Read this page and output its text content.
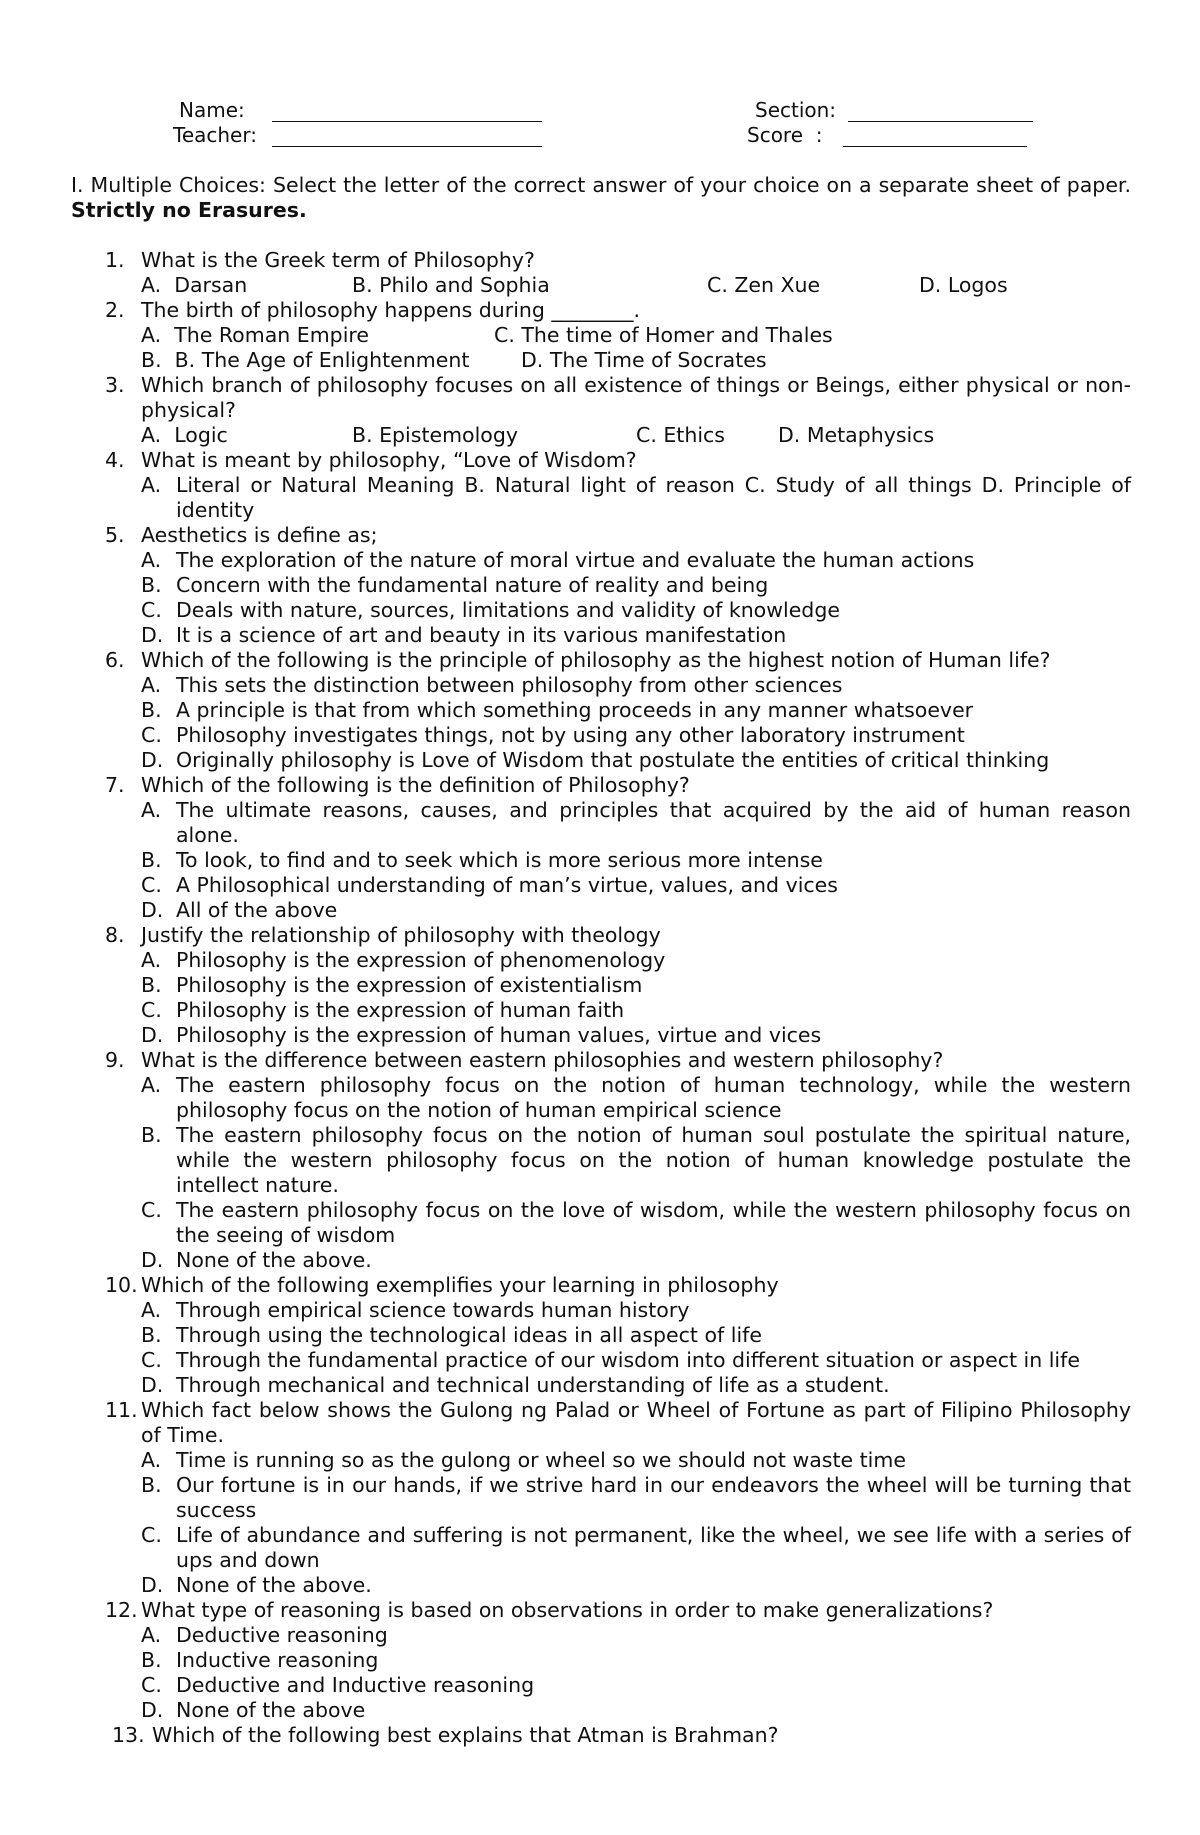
Name:	Section:
Teacher:	Score  :
I. Multiple Choices: Select the letter of the correct answer of your choice on a separate sheet of paper. Strictly no Erasures.
1. What is the Greek term of Philosophy?
A.  Darsan	B. Philo and Sophia	C. Zen Xue	D. Logos
2. The birth of philosophy happens during ________.
A.  The Roman Empire	C. The time of Homer and Thales
B.  B. The Age of Enlightenment	D. The Time of Socrates
3. Which branch of philosophy focuses on all existence of things or Beings, either physical or non-physical?
A.  Logic	B. Epistemology	C. Ethics	D. Metaphysics
4. What is meant by philosophy, “Love of Wisdom?
A. Literal or Natural Meaning B. Natural light of reason C. Study of all things D. Principle of identity
5. Aesthetics is define as;
A. The exploration of the nature of moral virtue and evaluate the human actions
B. Concern with the fundamental nature of reality and being
C. Deals with nature, sources, limitations and validity of knowledge
D. It is a science of art and beauty in its various manifestation
6. Which of the following is the principle of philosophy as the highest notion of Human life?
A. This sets the distinction between philosophy from other sciences
B. A principle is that from which something proceeds in any manner whatsoever
C. Philosophy investigates things, not by using any other laboratory instrument
D. Originally philosophy is Love of Wisdom that postulate the entities of critical thinking
7. Which of the following is the definition of Philosophy?
A. The ultimate reasons, causes, and principles that acquired by the aid of human reason alone.
B. To look, to find and to seek which is more serious more intense
C. A Philosophical understanding of man’s virtue, values, and vices
D. All of the above
8. Justify the relationship of philosophy with theology
A. Philosophy is the expression of phenomenology
B. Philosophy is the expression of existentialism
C. Philosophy is the expression of human faith
D. Philosophy is the expression of human values, virtue and vices
9. What is the difference between eastern philosophies and western philosophy?
A. The eastern philosophy focus on the notion of human technology, while the western philosophy focus on the notion of human empirical science
B. The eastern philosophy focus on the notion of human soul postulate the spiritual nature, while the western philosophy focus on the notion of human knowledge postulate the intellect nature.
C. The eastern philosophy focus on the love of wisdom, while the western philosophy focus on the seeing of wisdom
D. None of the above.
10. Which of the following exemplifies your learning in philosophy
A. Through empirical science towards human history
B. Through using the technological ideas in all aspect of life
C. Through the fundamental practice of our wisdom into different situation or aspect in life
D. Through mechanical and technical understanding of life as a student.
11. Which fact below shows the Gulong ng Palad or Wheel of Fortune as part of Filipino Philosophy of Time.
A. Time is running so as the gulong or wheel so we should not waste time
B. Our fortune is in our hands, if we strive hard in our endeavors the wheel will be turning that success
C. Life of abundance and suffering is not permanent, like the wheel, we see life with a series of ups and down
D. None of the above.
12. What type of reasoning is based on observations in order to make generalizations?
A. Deductive reasoning
B. Inductive reasoning
C. Deductive and Inductive reasoning
D. None of the above
13. Which of the following best explains that Atman is Brahman?
